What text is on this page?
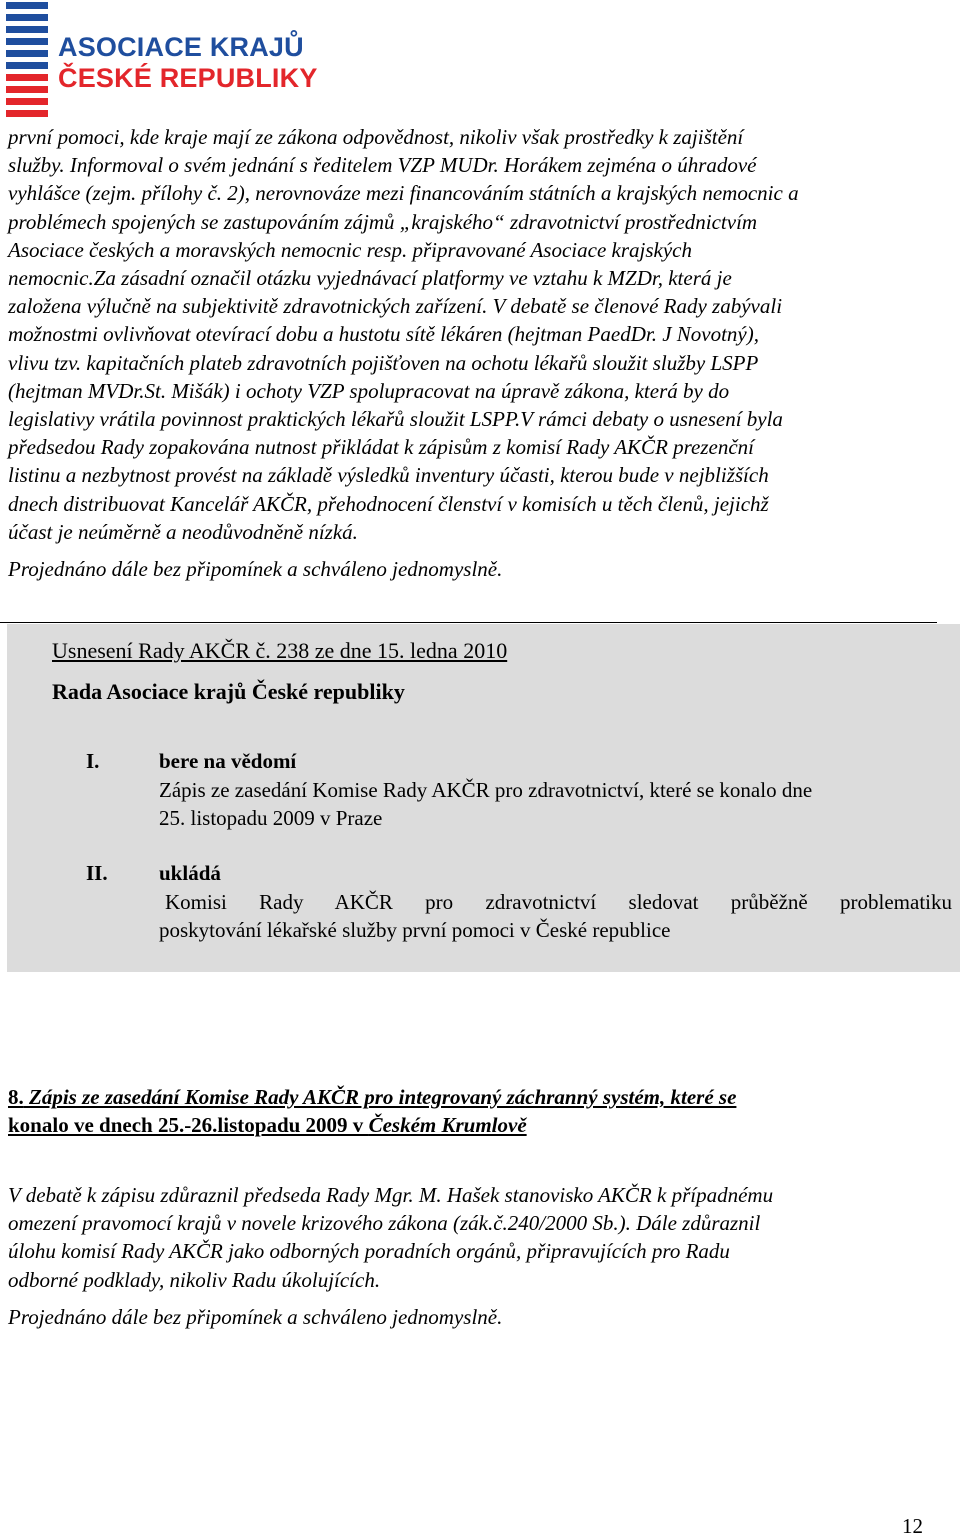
ASOCIACE KRAJŮ
ČESKÉ REPUBLIKY
první pomoci, kde kraje mají ze zákona odpovědnost, nikoliv však prostředky k zajištění
služby. Informoval o svém jednání s ředitelem VZP MUDr. Horákem zejména o úhradové
vyhlášce (zejm. přílohy č. 2), nerovnováze mezi financováním státních a krajských nemocnic a
problémech spojených se zastupováním zájmů „krajského“ zdravotnictví prostřednictvím
Asociace českých a moravských nemocnic resp. připravované Asociace krajských
nemocnic.Za zásadní označil otázku vyjednávací platformy ve vztahu k MZDr, která je
založena výlučně na subjektivitě zdravotnických zařízení. V debatě se členové Rady zabývali
možnostmi ovlivňovat otevírací dobu a hustotu sítě lékáren (hejtman PaedDr. J Novotný),
vlivu tzv. kapitačních plateb zdravotních pojišťoven na ochotu lékařů sloužit služby LSPP
(hejtman MVDr.St. Mišák) i ochoty VZP spolupracovat na úpravě zákona, která by do
legislativy vrátila povinnost praktických lékařů sloužit LSPP.V rámci debaty o usnesení byla
předsedou Rady zopakována nutnost přikládat k zápisům z komisí Rady AKČR prezenční
listinu a nezbytnost provést na základě výsledků inventury účasti, kterou bude v nejbližších
dnech distribuovat Kancelář AKČR, přehodnocení členství v komisích u těch členů, jejichž
účast je neúměrně a neodůvodněně nízká.
Projednáno dále bez připomínek a schváleno jednomyslně.
Usnesení Rady AKČR č. 238 ze dne 15. ledna 2010
Rada Asociace krajů České republiky
I.	bere na vědomí
Zápis ze zasedání Komise Rady AKČR pro zdravotnictví, které se konalo dne
25. listopadu 2009 v Praze
II. ukládá
Komisi Rady AKČR pro zdravotnictví sledovat průběžně problematiku
poskytování lékařské služby první pomoci v České republice
8. Zápis ze zasedání Komise Rady AKČR pro integrovaný záchranný systém, které se
konalo ve dnech 25.-26.listopadu 2009 v Českém Krumlově
V debatě k zápisu zdůraznil předseda Rady Mgr. M. Hašek stanovisko AKČR k případnému
omezení pravomocí krajů v novele krizového zákona (zák.č.240/2000 Sb.). Dále zdůraznil
úlohu komisí Rady AKČR jako odborných poradních orgánů, připravujících pro Radu
odborné podklady, nikoliv Radu úkolujících.
Projednáno dále bez připomínek a schváleno jednomyslně.
12
